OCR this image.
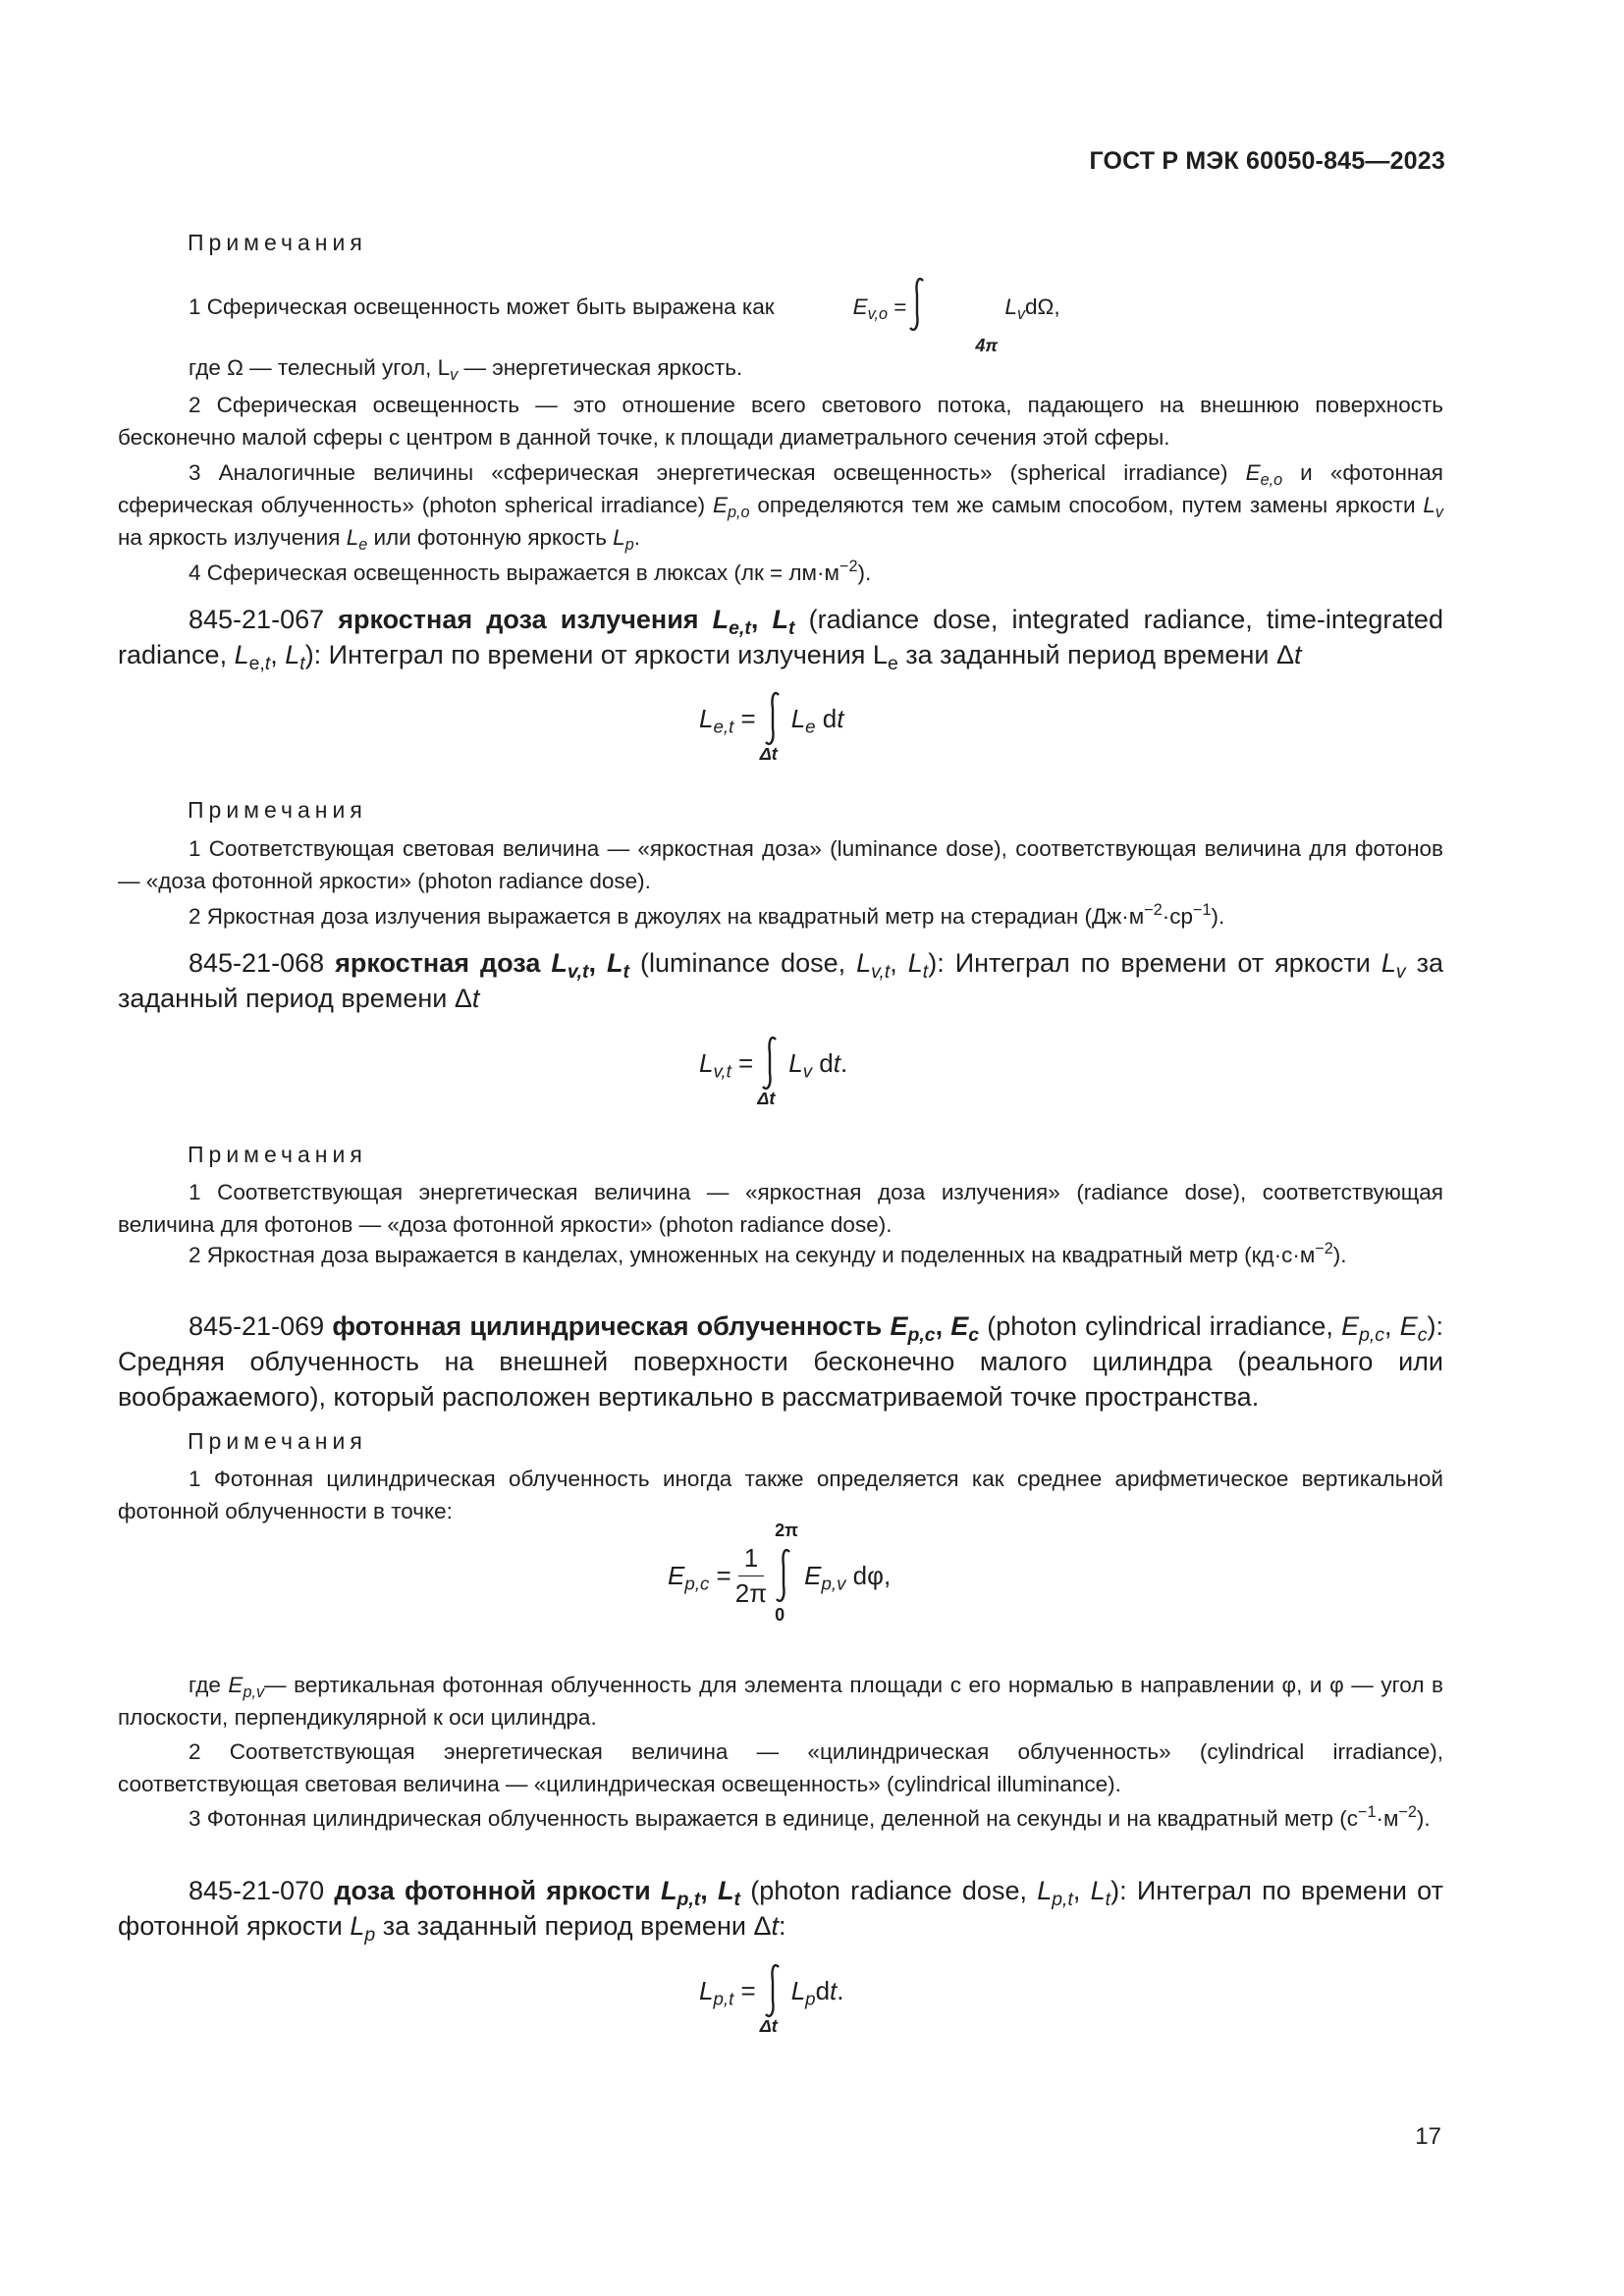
ГОСТ Р МЭК 60050-845—2023
Примечания

1 Сферическая освещенность может быть выражена как	$E_{v,o}$ =
4π
$L_vd\Omega$,

где Ω — телесный угол, $L_v$ — энергетическая яркость.

2 Сферическая освещенность — это отношение всего светового потока, падающего на внешнюю поверхность бесконечно малой сферы с центром в данной точке, к площади диаметрального сечения этой сферы.

3 Аналогичные величины «сферическая энергетическая освещенность» (spherical irradiance) $E_{e,o}$ и «фотонная сферическая облученность» (photon spherical irradiance) $E_{p,o}$ определяются тем же самым способом, путем замены яркости $L_v$ на яркость излучения $L_e$ или фотонную яркость $L_p$.

4 Сферическая освещенность выражается в люксах $(лк = лм\cdot м^{-2})$.

845-21-067 яркостная доза излучения $L_{e,t}$, $L_t$ (radiance dose, integrated radiance, time-integrated radiance, $L_{e,t}$, $L_t$): Интеграл по времени от яркости излучения $L_e$ за заданный период времени Δt

$L_{e,t}$ =
Δt
$L_e$ dt
Примечания

1 Соответствующая световая величина — «яркостная доза» (luminance dose), соответствующая величина для фотонов — «доза фотонной яркости» (photon radiance dose).

2 Яркостная доза излучения выражается в джоулях на квадратный метр на стерадиан $(Дж\cdot м^{-2}\cdot ср^{-1})$.

845-21-068 яркостная доза $L_{v,t}$, $L_t$ (luminance dose, $L_{v,t}$, $L_t$): Интеграл по времени от яркости $L_v$ за заданный период времени Δt

$L_{v,t}$ =
Δt
$L_v$ dt.
Примечания

1 Соответствующая энергетическая величина — «яркостная доза излучения» (radiance dose), соответствующая величина для фотонов — «доза фотонной яркости» (photon radiance dose).

2 Яркостная доза выражается в канделах, умноженных на секунду и поделенных на квадратный метр $(кд\cdot с\cdot м^{-2})$.

845-21-069 фотонная цилиндрическая облученность $E_{p,c}$, $E_c$ (photon cylindrical irradiance, $E_{p,c}$, $E_c$): Средняя облученность на внешней поверхности бесконечно малого цилиндра (реального или воображаемого), который расположен вертикально в рассматриваемой точке пространства.

Примечания

1 Фотонная цилиндрическая облученность иногда также определяется как среднее арифметическое вертикальной фотонной облученности в точке:

$E_{p,c} = \frac{1}{2\pi}$
2π
0
$E_{p,v}$ dφ,

где $E_{p,v}—$ вертикальная фотонная облученность для элемента площади с его нормалью в направлении φ, и φ — угол в плоскости, перпендикулярной к оси цилиндра.

2 Соответствующая энергетическая величина — «цилиндрическая облученность» (cylindrical irradiance), соответствующая световая величина — «цилиндрическая освещенность» (cylindrical illuminance).

3 Фотонная цилиндрическая облученность выражается в единице, деленной на секунды и на квадратный метр $(с^{-1}\cdot м^{-2})$.

845-21-070 доза фотонной яркости $L_{p,t}$, $L_t$ (photon radiance dose, $L_{p,t}$, $L_t$): Интеграл по времени от фотонной яркости $L_p$ за заданный период времени Δt:

$L_{p,t}$ =
Δt
$L_pdt$.
17
